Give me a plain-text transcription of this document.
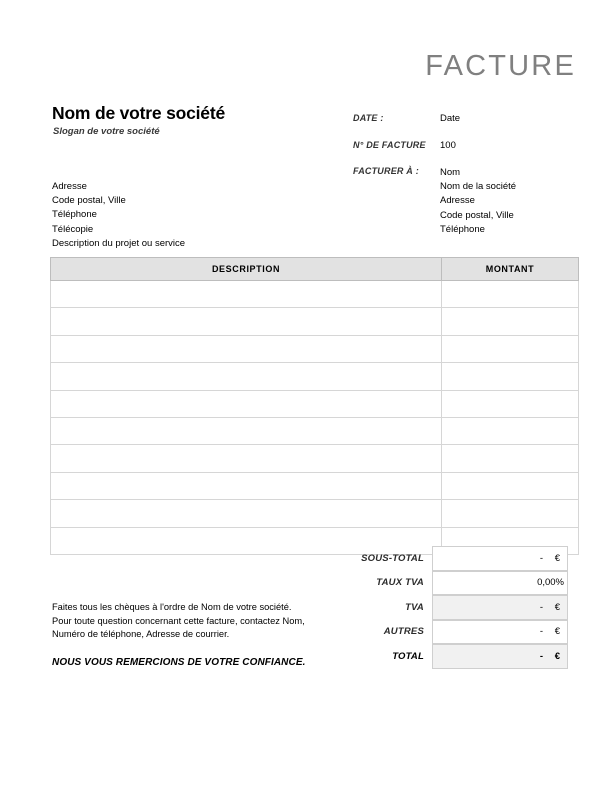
FACTURE
Nom de votre société
Slogan de votre société
DATE :	Date
N° DE FACTURE 100
FACTURER À : Nom
Nom de la société
Adresse
Code postal, Ville
Téléphone
Adresse
Code postal, Ville
Téléphone
Télécopie
Description du projet ou service
DESCRIPTION	MONTANT

SOUS-TOTAL	- €
TAUX TVA	0,00%
TVA	- €
AUTRES	- €
TOTAL	- €
Faites tous les chèques à l'ordre de Nom de votre société.
Pour toute question concernant cette facture, contactez Nom,
Numéro de téléphone, Adresse de courrier.
NOUS VOUS REMERCIONS DE VOTRE CONFIANCE.
